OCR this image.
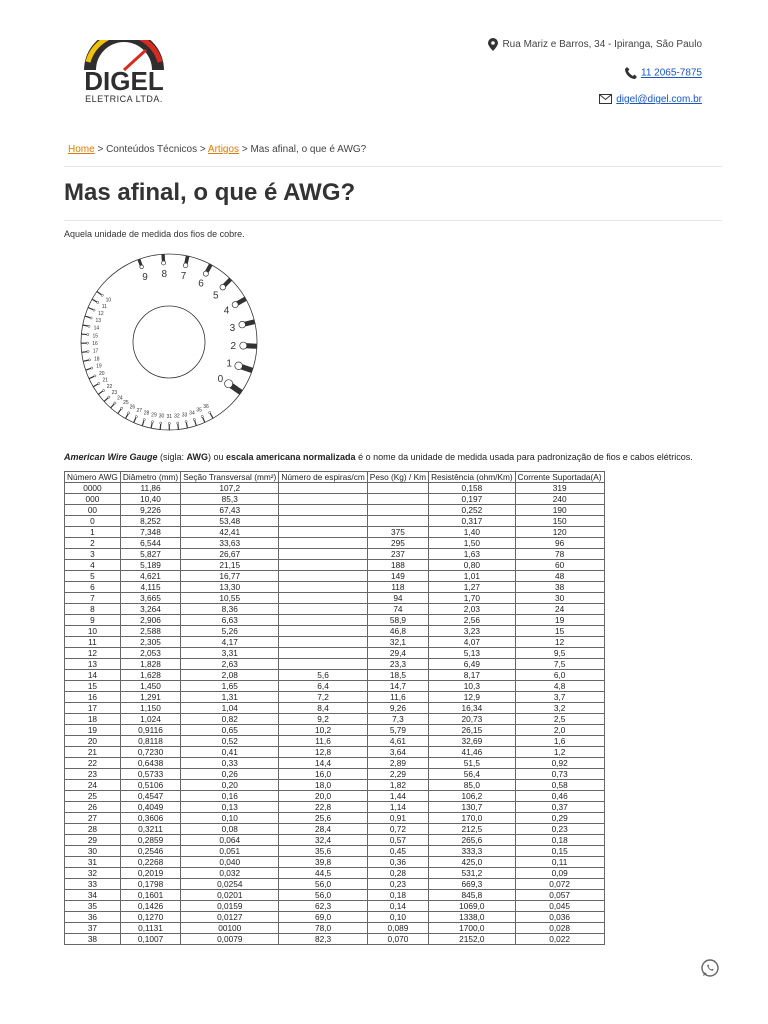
DIGEL
ELETRICA LTDA.
Rua Mariz e Barros, 34 - Ipiranga, São Paulo
11 2065-7875
digel@digel.com.br
Home > Conteúdos Técnicos > Artigos > Mas afinal, o que é AWG?
Mas afinal, o que é AWG?
Aquela unidade de medida dos fios de cobre.
9 8 7
6
5
4
3
2
1
0
10
11
12
13
14
15
16
17
18
19
20
21
22
23
24
25
26
27 28 29 30 31 32 33 34 35
36
American Wire Gauge (sigla: AWG) ou escala americana normalizada é o nome da unidade de medida usada para padronização de fios e cabos elétricos.
Número AWG	Diâmetro (mm)	Seção Transversal (mm²)	Número de espiras/cm	Peso (Kg) / Km	Resistência (ohm/Km)	Corrente Suportada(A)
0000	11,86	107,2			0,158	319
000	10,40	85,3			0,197	240
00	9,226	67,43			0,252	190
0	8,252	53,48			0,317	150
1	7,348	42,41		375	1,40	120
2	6,544	33,63		295	1,50	96
3	5,827	26,67		237	1,63	78
4	5,189	21,15		188	0,80	60
5	4,621	16,77		149	1,01	48
6	4,115	13,30		118	1,27	38
7	3,665	10,55		94	1,70	30
8	3,264	8,36		74	2,03	24
9	2,906	6,63		58,9	2,56	19
10	2,588	5,26		46,8	3,23	15
11	2,305	4,17		32,1	4,07	12
12	2,053	3,31		29,4	5,13	9,5
13	1,828	2,63		23,3	6,49	7,5
14	1,628	2,08	5,6	18,5	8,17	6,0
15	1,450	1,65	6,4	14,7	10,3	4,8
16	1,291	1,31	7,2	11,6	12,9	3,7
17	1,150	1,04	8,4	9,26	16,34	3,2
18	1,024	0,82	9,2	7,3	20,73	2,5
19	0,9116	0,65	10,2	5,79	26,15	2,0
20	0,8118	0,52	11,6	4,61	32,69	1,6
21	0,7230	0,41	12,8	3,64	41,46	1,2
22	0,6438	0,33	14,4	2,89	51,5	0,92
23	0,5733	0,26	16,0	2,29	56,4	0,73
24	0,5106	0,20	18,0	1,82	85,0	0,58
25	0,4547	0,16	20,0	1,44	106,2	0,46
26	0,4049	0,13	22,8	1,14	130,7	0,37
27	0,3606	0,10	25,6	0,91	170,0	0,29
28	0,3211	0,08	28,4	0,72	212,5	0,23
29	0,2859	0,064	32,4	0,57	265,6	0,18
30	0,2546	0,051	35,6	0,45	333,3	0,15
31	0,2268	0,040	39,8	0,36	425,0	0,11
32	0,2019	0,032	44,5	0,28	531,2	0,09
33	0,1798	0,0254	56,0	0,23	669,3	0,072
34	0,1601	0,0201	56,0	0,18	845,8	0,057
35	0,1426	0,0159	62,3	0,14	1069,0	0,045
36	0,1270	0,0127	69,0	0,10	1338,0	0,036
37	0,1131	00100	78,0	0,089	1700,0	0,028
38	0,1007	0,0079	82,3	0,070	2152,0	0,022
